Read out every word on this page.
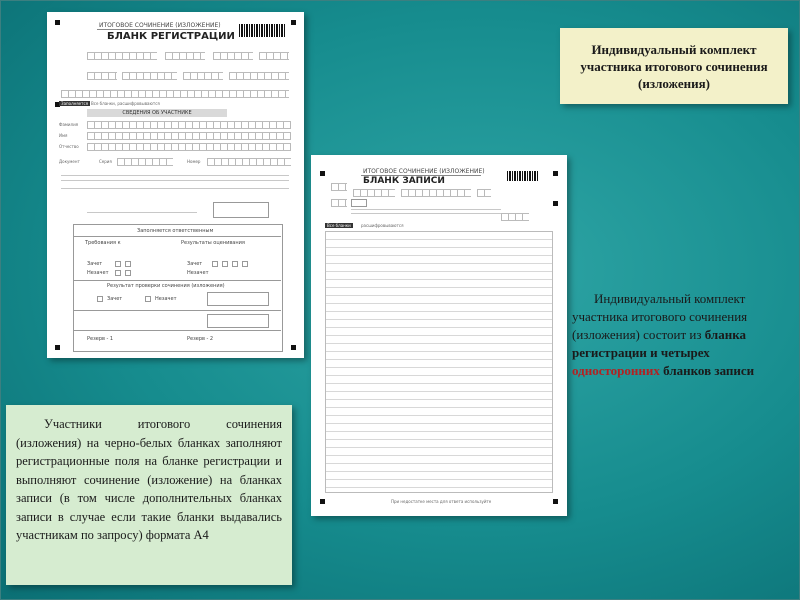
ИТОГОВОЕ СОЧИНЕНИЕ (ИЗЛОЖЕНИЕ)
БЛАНК РЕГИСТРАЦИИ
Заполняется Все бланки, расшифровываются
СВЕДЕНИЯ ОБ УЧАСТНИКЕ
Фамилия
Имя
Отчество
Документ	Серия	Номер
Заполняется ответственным
Требования к	Результаты оценивания
Зачет
Незачет
Зачет
Незачет
Результат проверки сочинения (изложения)
Зачет	Незачет
Резерв - 1	Резерв - 2
ИТОГОВОЕ СОЧИНЕНИЕ (ИЗЛОЖЕНИЕ)
БЛАНК ЗАПИСИ
Все бланки	расшифровываются
При недостатке места для ответа используйте
Индивидуальный комплект участника итогового сочинения (изложения)
Индивидуальный комплект участника итогового сочинения (изложения) состоит из бланка регистрации и четырех односторонних бланков записи
Участники итогового сочинения (изложения) на черно-белых бланках заполняют регистрационные поля на бланке регистрации и выполняют сочинение (изложение) на бланках записи (в том числе дополнительных бланках записи в случае если такие бланки выдавались участникам по запросу) формата А4
